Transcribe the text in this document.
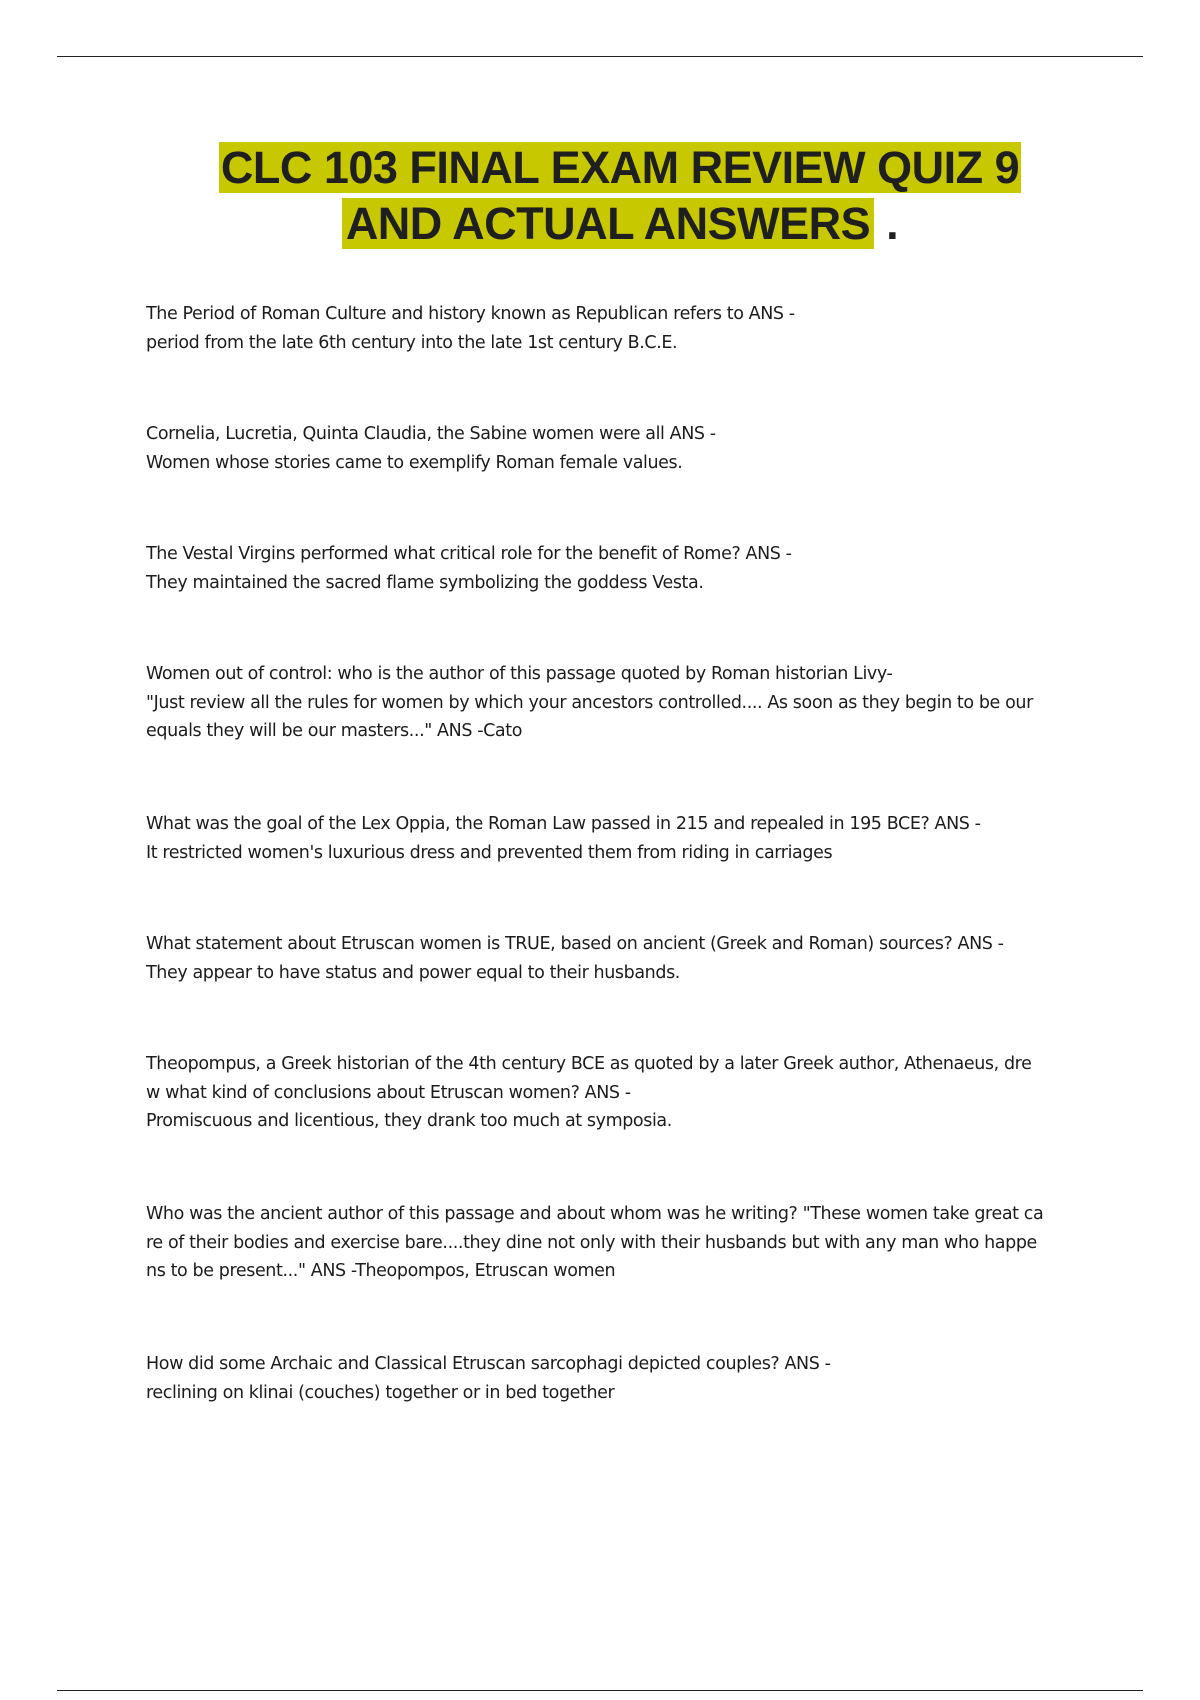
CLC 103 FINAL EXAM REVIEW QUIZ 9
AND ACTUAL ANSWERS .
The Period of Roman Culture and history known as Republican refers to ANS -
period from the late 6th century into the late 1st century B.C.E.
Cornelia, Lucretia, Quinta Claudia, the Sabine women were all ANS -
Women whose stories came to exemplify Roman female values.
The Vestal Virgins performed what critical role for the benefit of Rome? ANS -
They maintained the sacred flame symbolizing the goddess Vesta.
Women out of control: who is the author of this passage quoted by Roman historian Livy-
"Just review all the rules for women by which your ancestors controlled.... As soon as they begin to be our
equals they will be our masters..." ANS -Cato
What was the goal of the Lex Oppia, the Roman Law passed in 215 and repealed in 195 BCE? ANS -
It restricted women's luxurious dress and prevented them from riding in carriages
What statement about Etruscan women is TRUE, based on ancient (Greek and Roman) sources? ANS -
They appear to have status and power equal to their husbands.
Theopompus, a Greek historian of the 4th century BCE as quoted by a later Greek author, Athenaeus, dre
w what kind of conclusions about Etruscan women? ANS -
Promiscuous and licentious, they drank too much at symposia.
Who was the ancient author of this passage and about whom was he writing? "These women take great ca
re of their bodies and exercise bare....they dine not only with their husbands but with any man who happe
ns to be present..." ANS -Theopompos, Etruscan women
How did some Archaic and Classical Etruscan sarcophagi depicted couples? ANS -
reclining on klinai (couches) together or in bed together
